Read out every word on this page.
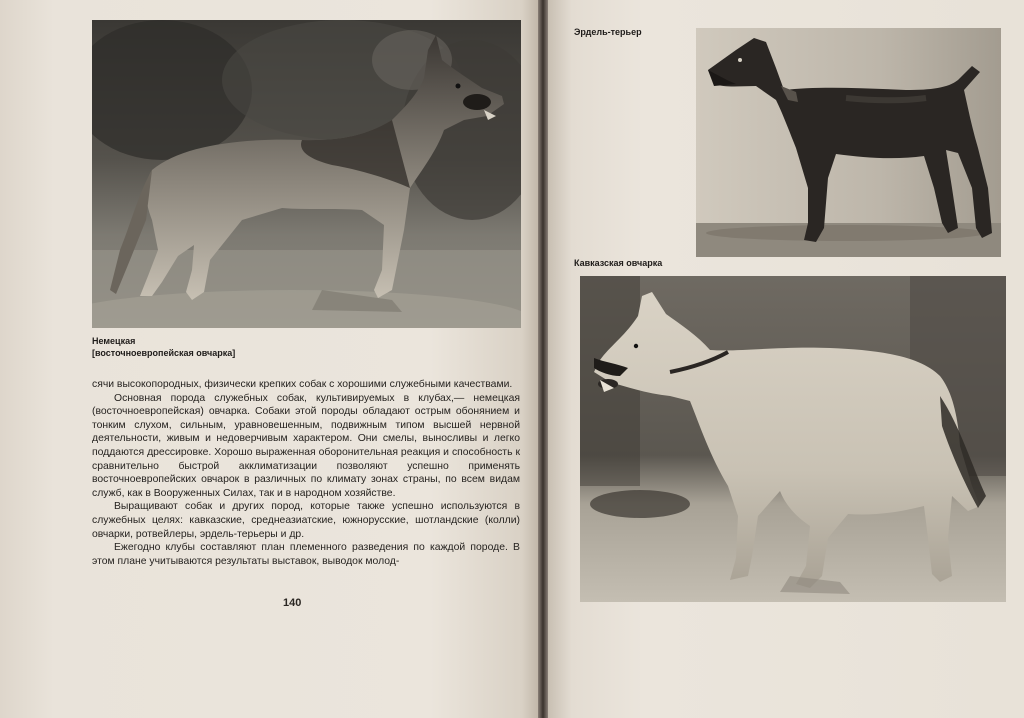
Немецкая
[восточноевропейская овчарка]

сячи высокопородных, физически крепких собак с хорошими служебными качествами.

Основная порода служебных собак, культивируемых в клубах,— немецкая (восточноевропейская) овчарка. Собаки этой породы обладают острым обонянием и тонким слухом, сильным, уравновешенным, подвижным типом высшей нервной деятельности, живым и недоверчивым характером. Они смелы, выносливы и легко поддаются дрессировке. Хорошо выраженная оборонительная реакция и способность к сравнительно быстрой акклиматизации позволяют успешно применять восточноевропейских овчарок в различных по климату зонах страны, по всем видам служб, как в Вооруженных Силах, так и в народном хозяйстве.

Выращивают собак и других пород, которые также успешно используются в служебных целях: кавказские, среднеазиатские, южнорусские, шотландские (колли) овчарки, ротвейлеры, эрдель-терьеры и др.

Ежегодно клубы составляют план племенного разведения по каждой породе. В этом плане учитываются результаты выставок, выводок молод-

140
Эрдель-терьер
Кавказская овчарка
